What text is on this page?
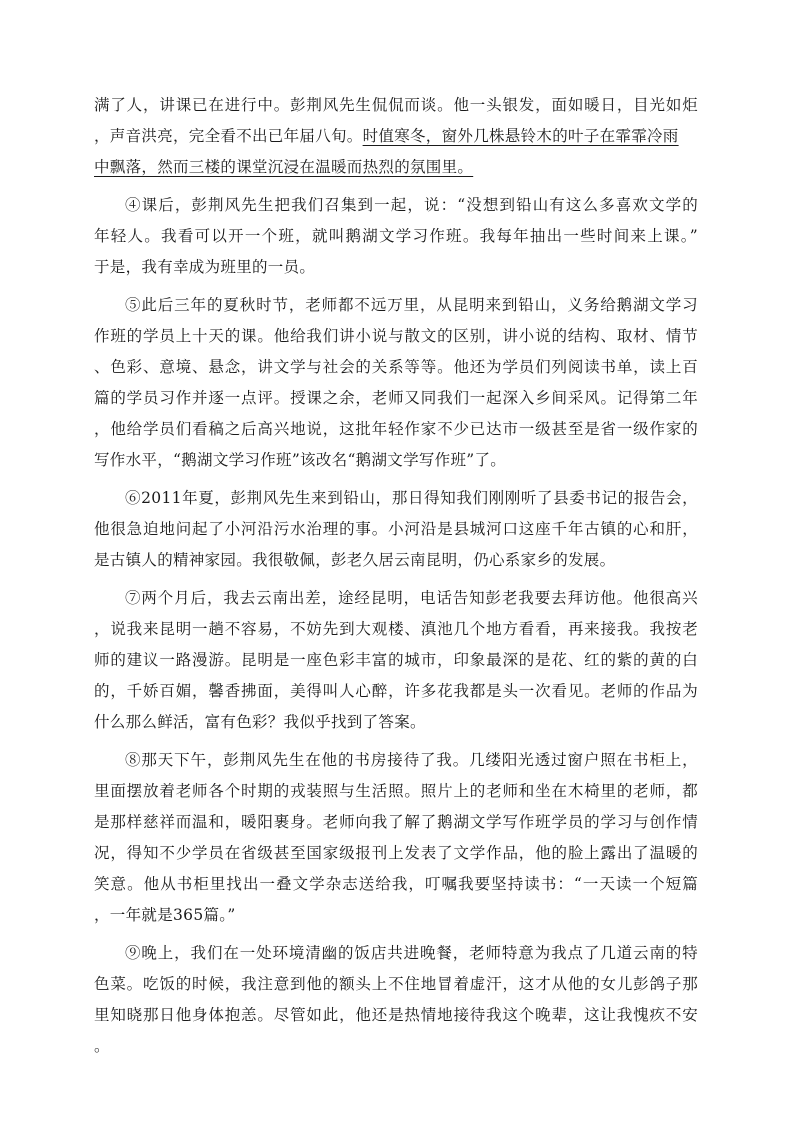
满了人，讲课已在进行中。彭荆风先生侃侃而谈。他一头银发，面如暖日，目光如炬
，声音洪亮，完全看不出已年届八旬。时值寒冬，窗外几株悬铃木的叶子在霏霏冷雨
中飘落，然而三楼的课堂沉浸在温暖而热烈的氛围里。
④课后，彭荆风先生把我们召集到一起，说：“没想到铅山有这么多喜欢文学的
年轻人。我看可以开一个班，就叫鹅湖文学习作班。我每年抽出一些时间来上课。”
于是，我有幸成为班里的一员。
⑤此后三年的夏秋时节，老师都不远万里，从昆明来到铅山，义务给鹅湖文学习
作班的学员上十天的课。他给我们讲小说与散文的区别，讲小说的结构、取材、情节
、色彩、意境、悬念，讲文学与社会的关系等等。他还为学员们列阅读书单，读上百
篇的学员习作并逐一点评。授课之余，老师又同我们一起深入乡间采风。记得第二年
，他给学员们看稿之后高兴地说，这批年轻作家不少已达市一级甚至是省一级作家的
写作水平，“鹅湖文学习作班”该改名“鹅湖文学写作班”了。
⑥2011年夏，彭荆风先生来到铅山，那日得知我们刚刚听了县委书记的报告会，
他很急迫地问起了小河沿污水治理的事。小河沿是县城河口这座千年古镇的心和肝，
是古镇人的精神家园。我很敬佩，彭老久居云南昆明，仍心系家乡的发展。
⑦两个月后，我去云南出差，途经昆明，电话告知彭老我要去拜访他。他很高兴
，说我来昆明一趟不容易，不妨先到大观楼、滇池几个地方看看，再来接我。我按老
师的建议一路漫游。昆明是一座色彩丰富的城市，印象最深的是花、红的紫的黄的白
的，千娇百媚，馨香拂面，美得叫人心醉，许多花我都是头一次看见。老师的作品为
什么那么鲜活，富有色彩？我似乎找到了答案。
⑧那天下午，彭荆风先生在他的书房接待了我。几缕阳光透过窗户照在书柜上，
里面摆放着老师各个时期的戎装照与生活照。照片上的老师和坐在木椅里的老师，都
是那样慈祥而温和，暖阳裹身。老师向我了解了鹅湖文学写作班学员的学习与创作情
况，得知不少学员在省级甚至国家级报刊上发表了文学作品，他的脸上露出了温暖的
笑意。他从书柜里找出一叠文学杂志送给我，叮嘱我要坚持读书：“一天读一个短篇
，一年就是365篇。”
⑨晚上，我们在一处环境清幽的饭店共进晚餐，老师特意为我点了几道云南的特
色菜。吃饭的时候，我注意到他的额头上不住地冒着虚汗，这才从他的女儿彭鸽子那
里知晓那日他身体抱恙。尽管如此，他还是热情地接待我这个晚辈，这让我愧疚不安
。
